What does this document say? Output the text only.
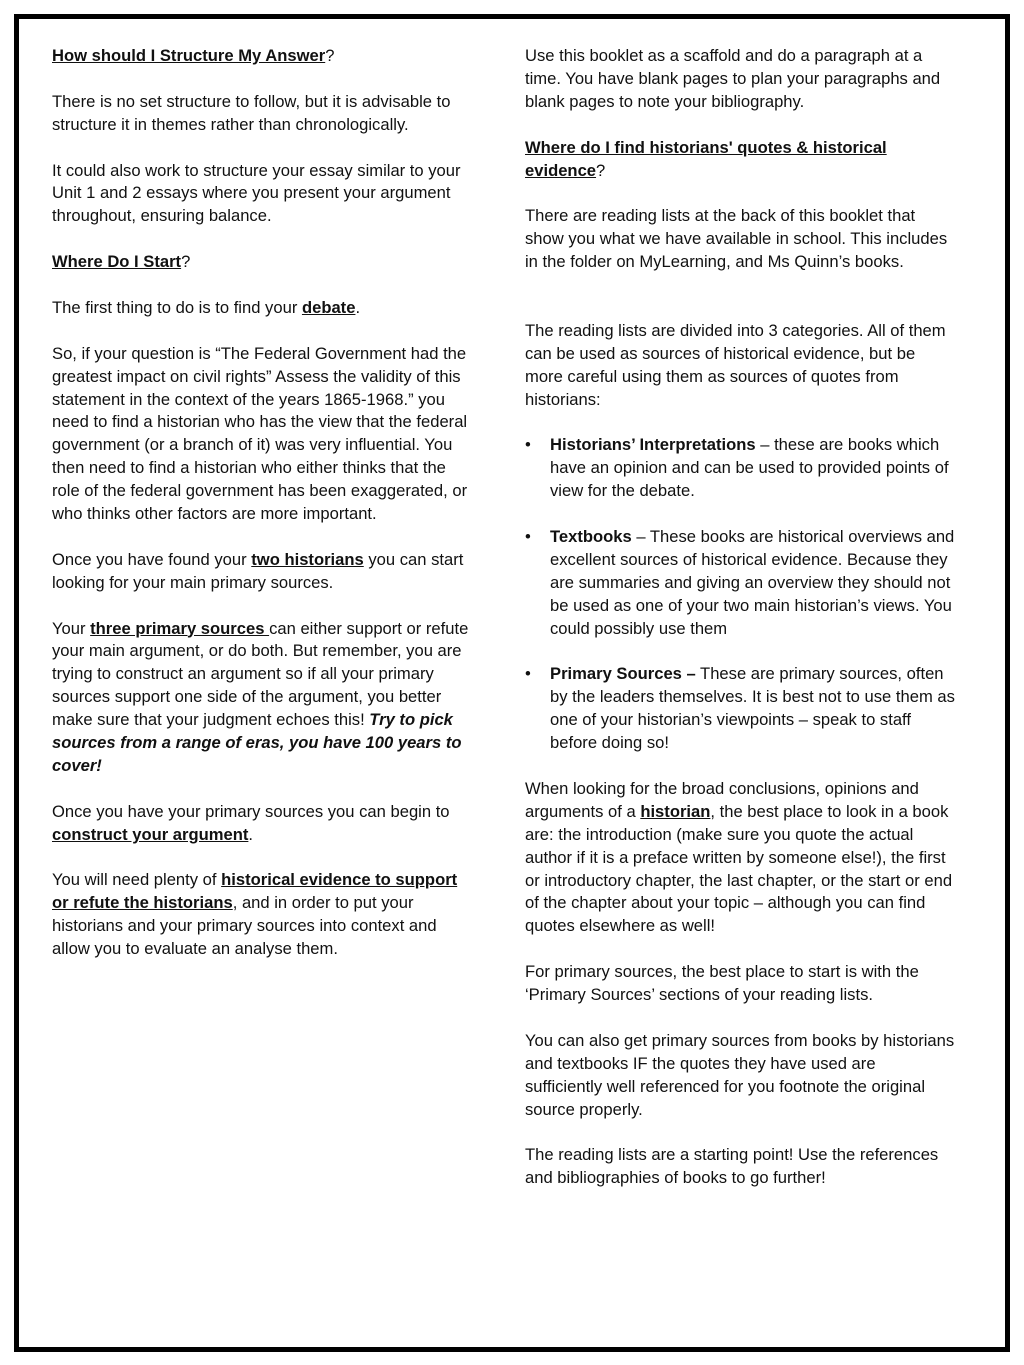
How should I Structure My Answer?

There is no set structure to follow, but it is advisable to structure it in themes rather than chronologically.

It could also work to structure your essay similar to your Unit 1 and 2 essays where you present your argument throughout, ensuring balance.

Where Do I Start?

The first thing to do is to find your debate.

So, if your question is “The Federal Government had the greatest impact on civil rights” Assess the validity of this statement in the context of the years 1865-1968.” you need to find a historian who has the view that the federal government (or a branch of it) was very influential. You then need to find a historian who either thinks that the role of the federal government has been exaggerated, or who thinks other factors are more important.

Once you have found your two historians you can start looking for your main primary sources.

Your three primary sources can either support or refute your main argument, or do both. But remember, you are trying to construct an argument so if all your primary sources support one side of the argument, you better make sure that your judgment echoes this! Try to pick sources from a range of eras, you have 100 years to cover!

Once you have your primary sources you can begin to construct your argument.

You will need plenty of historical evidence to support or refute the historians, and in order to put your historians and your primary sources into context and allow you to evaluate an analyse them.

Use this booklet as a scaffold and do a paragraph at a time. You have blank pages to plan your paragraphs and blank pages to note your bibliography.

Where do I find historians' quotes & historical evidence?

There are reading lists at the back of this booklet that show you what we have available in school. This includes in the folder on MyLearning, and Ms Quinn’s books.

The reading lists are divided into 3 categories. All of them can be used as sources of historical evidence, but be more careful using them as sources of quotes from historians:

• Historians’ Interpretations – these are books which have an opinion and can be used to provided points of view for the debate.
• Textbooks – These books are historical overviews and excellent sources of historical evidence. Because they are summaries and giving an overview they should not be used as one of your two main historian’s views. You could possibly use them
• Primary Sources – These are primary sources, often by the leaders themselves. It is best not to use them as one of your historian’s viewpoints – speak to staff before doing so!

When looking for the broad conclusions, opinions and arguments of a historian, the best place to look in a book are: the introduction (make sure you quote the actual author if it is a preface written by someone else!), the first or introductory chapter, the last chapter, or the start or end of the chapter about your topic – although you can find quotes elsewhere as well!

For primary sources, the best place to start is with the ‘Primary Sources’ sections of your reading lists.

You can also get primary sources from books by historians and textbooks IF the quotes they have used are sufficiently well referenced for you footnote the original source properly.

The reading lists are a starting point! Use the references and bibliographies of books to go further!
